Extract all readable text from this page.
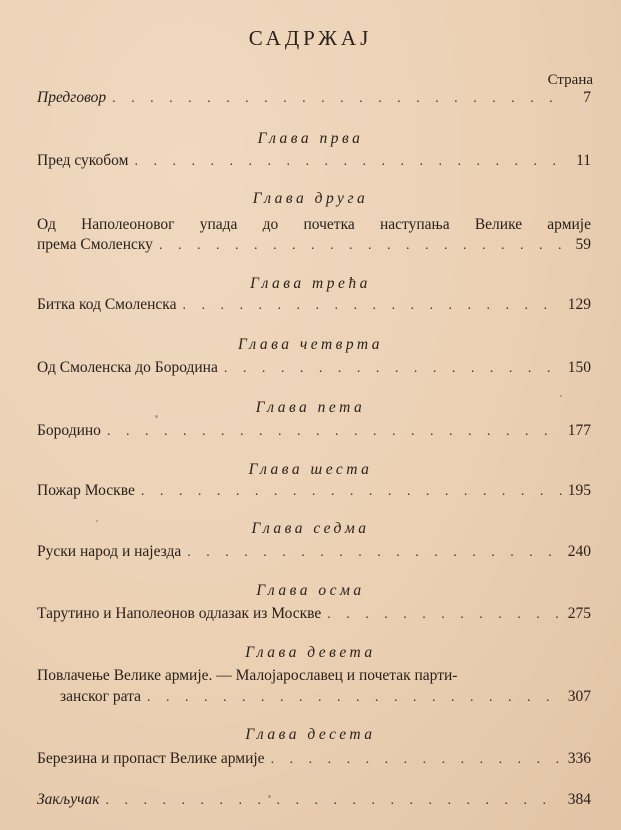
САДРЖАЈ
Страна
Предговор . . .	7
Глава прва
Пред сукобом . . .	11
Глава друга
Од Наполеоновог упада до почетка наступања Велике армије
према Смоленску . . .	59
Глава трећа
Битка код Смоленска . . .	129
Глава четврта
Од Смоленска до Бородина . . .	150
Глава пета
Бородино . . .	177
Глава шеста
Пожар Москве . . .	195
Глава седма
Руски народ и најезда . . .	240
Глава осма
Тарутино и Наполеонов одлазак из Москве . . .	275
Глава девета
Повлачење Велике армије. — Малојарославец и почетак парти-
занског рата . . .	307
Глава десета
Березина и пропаст Велике армије . . .	336
Закључак . . .	384
